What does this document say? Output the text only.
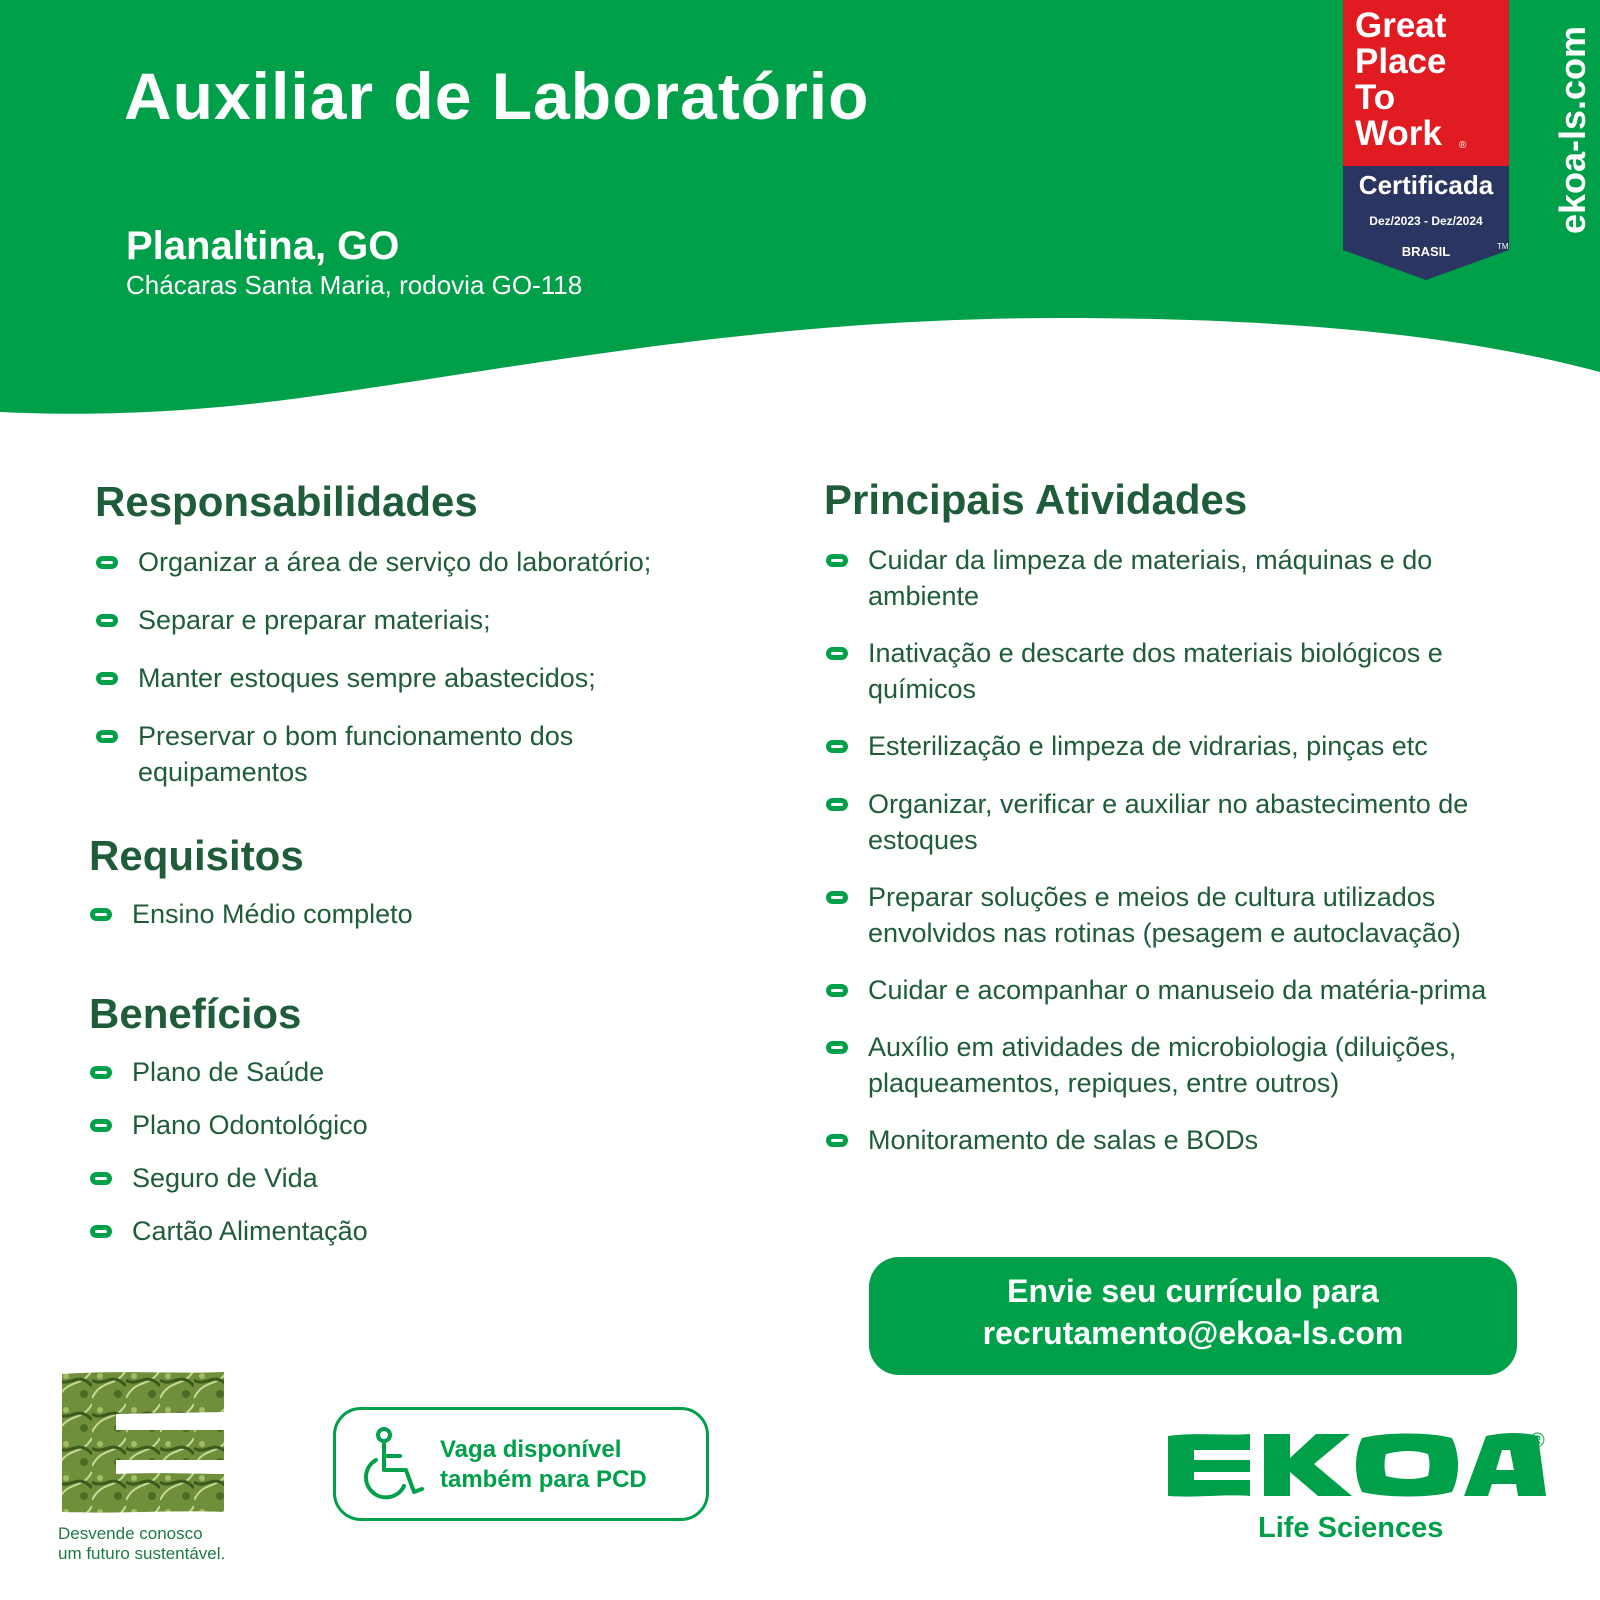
Auxiliar de Laboratório
Planaltina, GO
Chácaras Santa Maria, rodovia GO-118
Great
Place
To
Work ®
Certificada
Dez/2023 - Dez/2024
BRASIL	TM
ekoa-ls.com
Responsabilidades
Organizar a área de serviço do laboratório;
Separar e preparar materiais;
Manter estoques sempre abastecidos;
Preservar o bom funcionamento dos equipamentos
Requisitos
Ensino Médio completo
Benefícios
Plano de Saúde
Plano Odontológico
Seguro de Vida
Cartão Alimentação
Principais Atividades
Cuidar da limpeza de materiais, máquinas e do ambiente
Inativação e descarte dos materiais biológicos e químicos
Esterilização e limpeza de vidrarias, pinças etc
Organizar, verificar e auxiliar no abastecimento de estoques
Preparar soluções e meios de cultura utilizados envolvidos nas rotinas (pesagem e autoclavação)
Cuidar e acompanhar o manuseio da matéria-prima
Auxílio em atividades de microbiologia (diluições, plaqueamentos, repiques, entre outros)
Monitoramento de salas e BODs
Envie seu currículo para
recrutamento@ekoa-ls.com
Vaga disponível
também para PCD
Desvende conosco
um futuro sustentável.
®
Life Sciences
